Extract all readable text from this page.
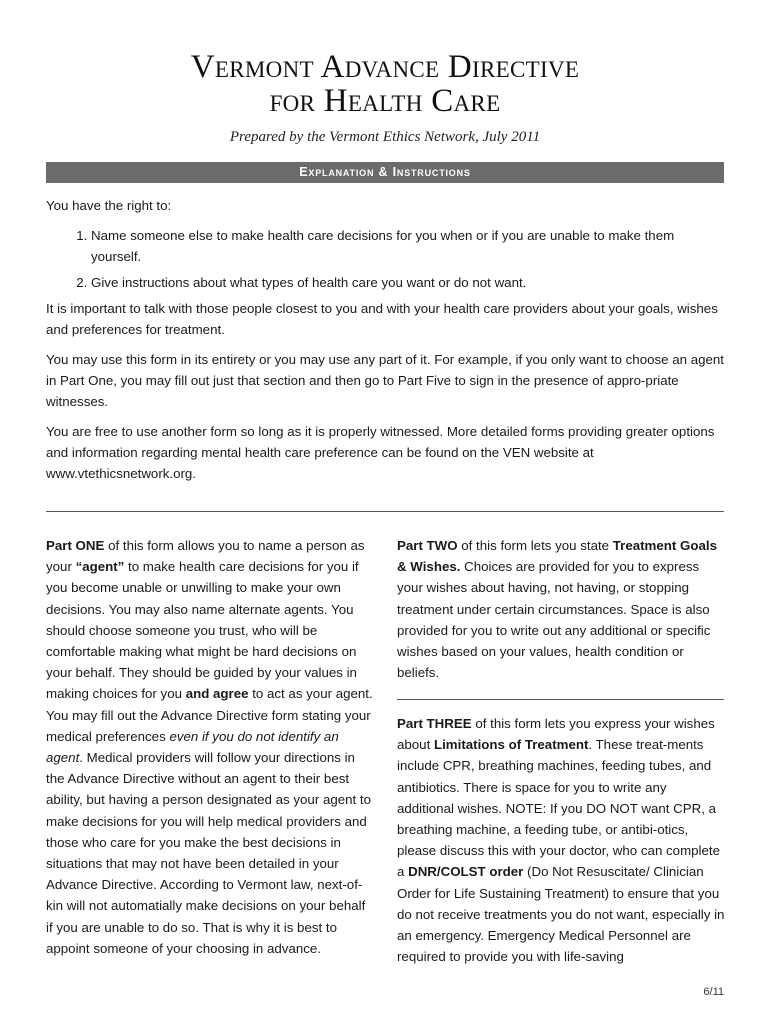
Vermont Advance Directive
for Health Care
Prepared by the Vermont Ethics Network, July 2011
Explanation & Instructions

You have the right to:

1. Name someone else to make health care decisions for you when or if you are unable to make them yourself.
2. Give instructions about what types of health care you want or do not want.

It is important to talk with those people closest to you and with your health care providers about your goals, wishes and preferences for treatment.

You may use this form in its entirety or you may use any part of it. For example, if you only want to choose an agent in Part One, you may fill out just that section and then go to Part Five to sign in the presence of appro-priate witnesses.

You are free to use another form so long as it is properly witnessed. More detailed forms providing greater options and information regarding mental health care preference can be found on the VEN website at www.vtethicsnetwork.org.

Part ONE of this form allows you to name a person as your “agent” to make health care decisions for you if you become unable or unwilling to make your own decisions. You may also name alternate agents. You should choose someone you trust, who will be comfortable making what might be hard decisions on your behalf. They should be guided by your values in making choices for you and agree to act as your agent. You may fill out the Advance Directive form stating your medical preferences even if you do not identify an agent. Medical providers will follow your directions in the Advance Directive without an agent to their best ability, but having a person designated as your agent to make decisions for you will help medical providers and those who care for you make the best decisions in situations that may not have been detailed in your Advance Directive. According to Vermont law, next-of-kin will not automatially make decisions on your behalf if you are unable to do so. That is why it is best to appoint someone of your choosing in advance.

Part TWO of this form lets you state Treatment Goals & Wishes. Choices are provided for you to express your wishes about having, not having, or stopping treatment under certain circumstances. Space is also provided for you to write out any additional or specific wishes based on your values, health condition or beliefs.

Part THREE of this form lets you express your wishes about Limitations of Treatment. These treat-ments include CPR, breathing machines, feeding tubes, and antibiotics. There is space for you to write any additional wishes. NOTE: If you DO NOT want CPR, a breathing machine, a feeding tube, or antibi-otics, please discuss this with your doctor, who can complete a DNR/COLST order (Do Not Resuscitate/ Clinician Order for Life Sustaining Treatment) to ensure that you do not receive treatments you do not want, especially in an emergency. Emergency Medical Personnel are required to provide you with life-saving

6/11
